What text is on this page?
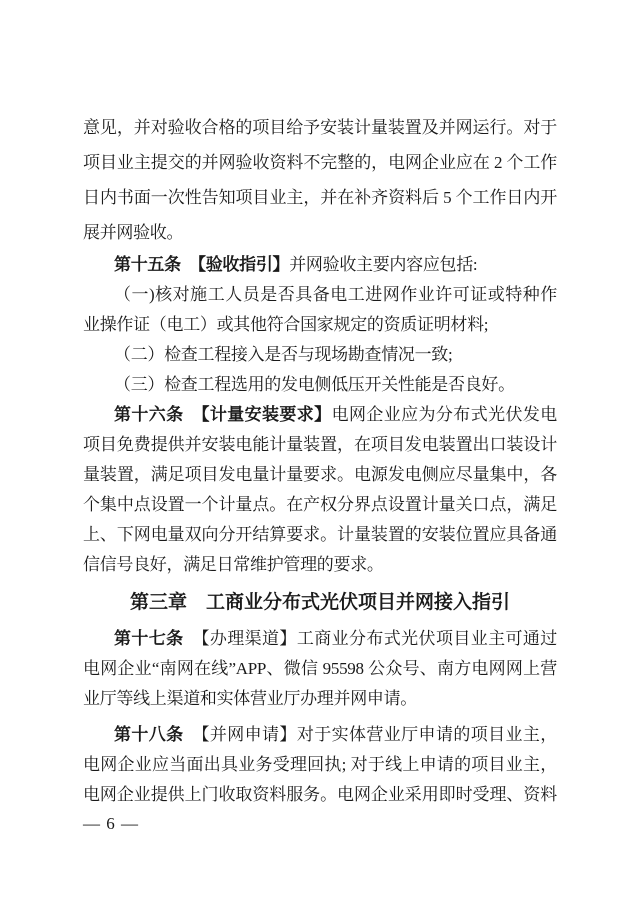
意见，并对验收合格的项目给予安装计量装置及并网运行。对于
项目业主提交的并网验收资料不完整的，电网企业应在 2 个工作
日内书面一次性告知项目业主，并在补齐资料后 5 个工作日内开
展并网验收。
第十五条　 【验收指引】并网验收主要内容应包括:
（一)核对施工人员是否具备电工进网作业许可证或特种作
业操作证（电工）或其他符合国家规定的资质证明材料;
（二）检查工程接入是否与现场勘查情况一致;
（三）检查工程选用的发电侧低压开关性能是否良好。
第十六条　 【计量安装要求】电网企业应为分布式光伏发电
项目免费提供并安装电能计量装置，在项目发电装置出口装设计
量装置，满足项目发电量计量要求。电源发电侧应尽量集中，各
个集中点设置一个计量点。在产权分界点设置计量关口点，满足
上、下网电量双向分开结算要求。计量装置的安装位置应具备通
信信号良好，满足日常维护管理的要求。
第三章　工商业分布式光伏项目并网接入指引
第十七条　【办理渠道】工商业分布式光伏项目业主可通过
电网企业“南网在线”APP、微信 95598 公众号、南方电网网上营
业厅等线上渠道和实体营业厅办理并网申请。
第十八条　【并网申请】对于实体营业厅申请的项目业主，
电网企业应当面出具业务受理回执; 对于线上申请的项目业主，
电网企业提供上门收取资料服务。电网企业采用即时受理、资料
— 6 —
